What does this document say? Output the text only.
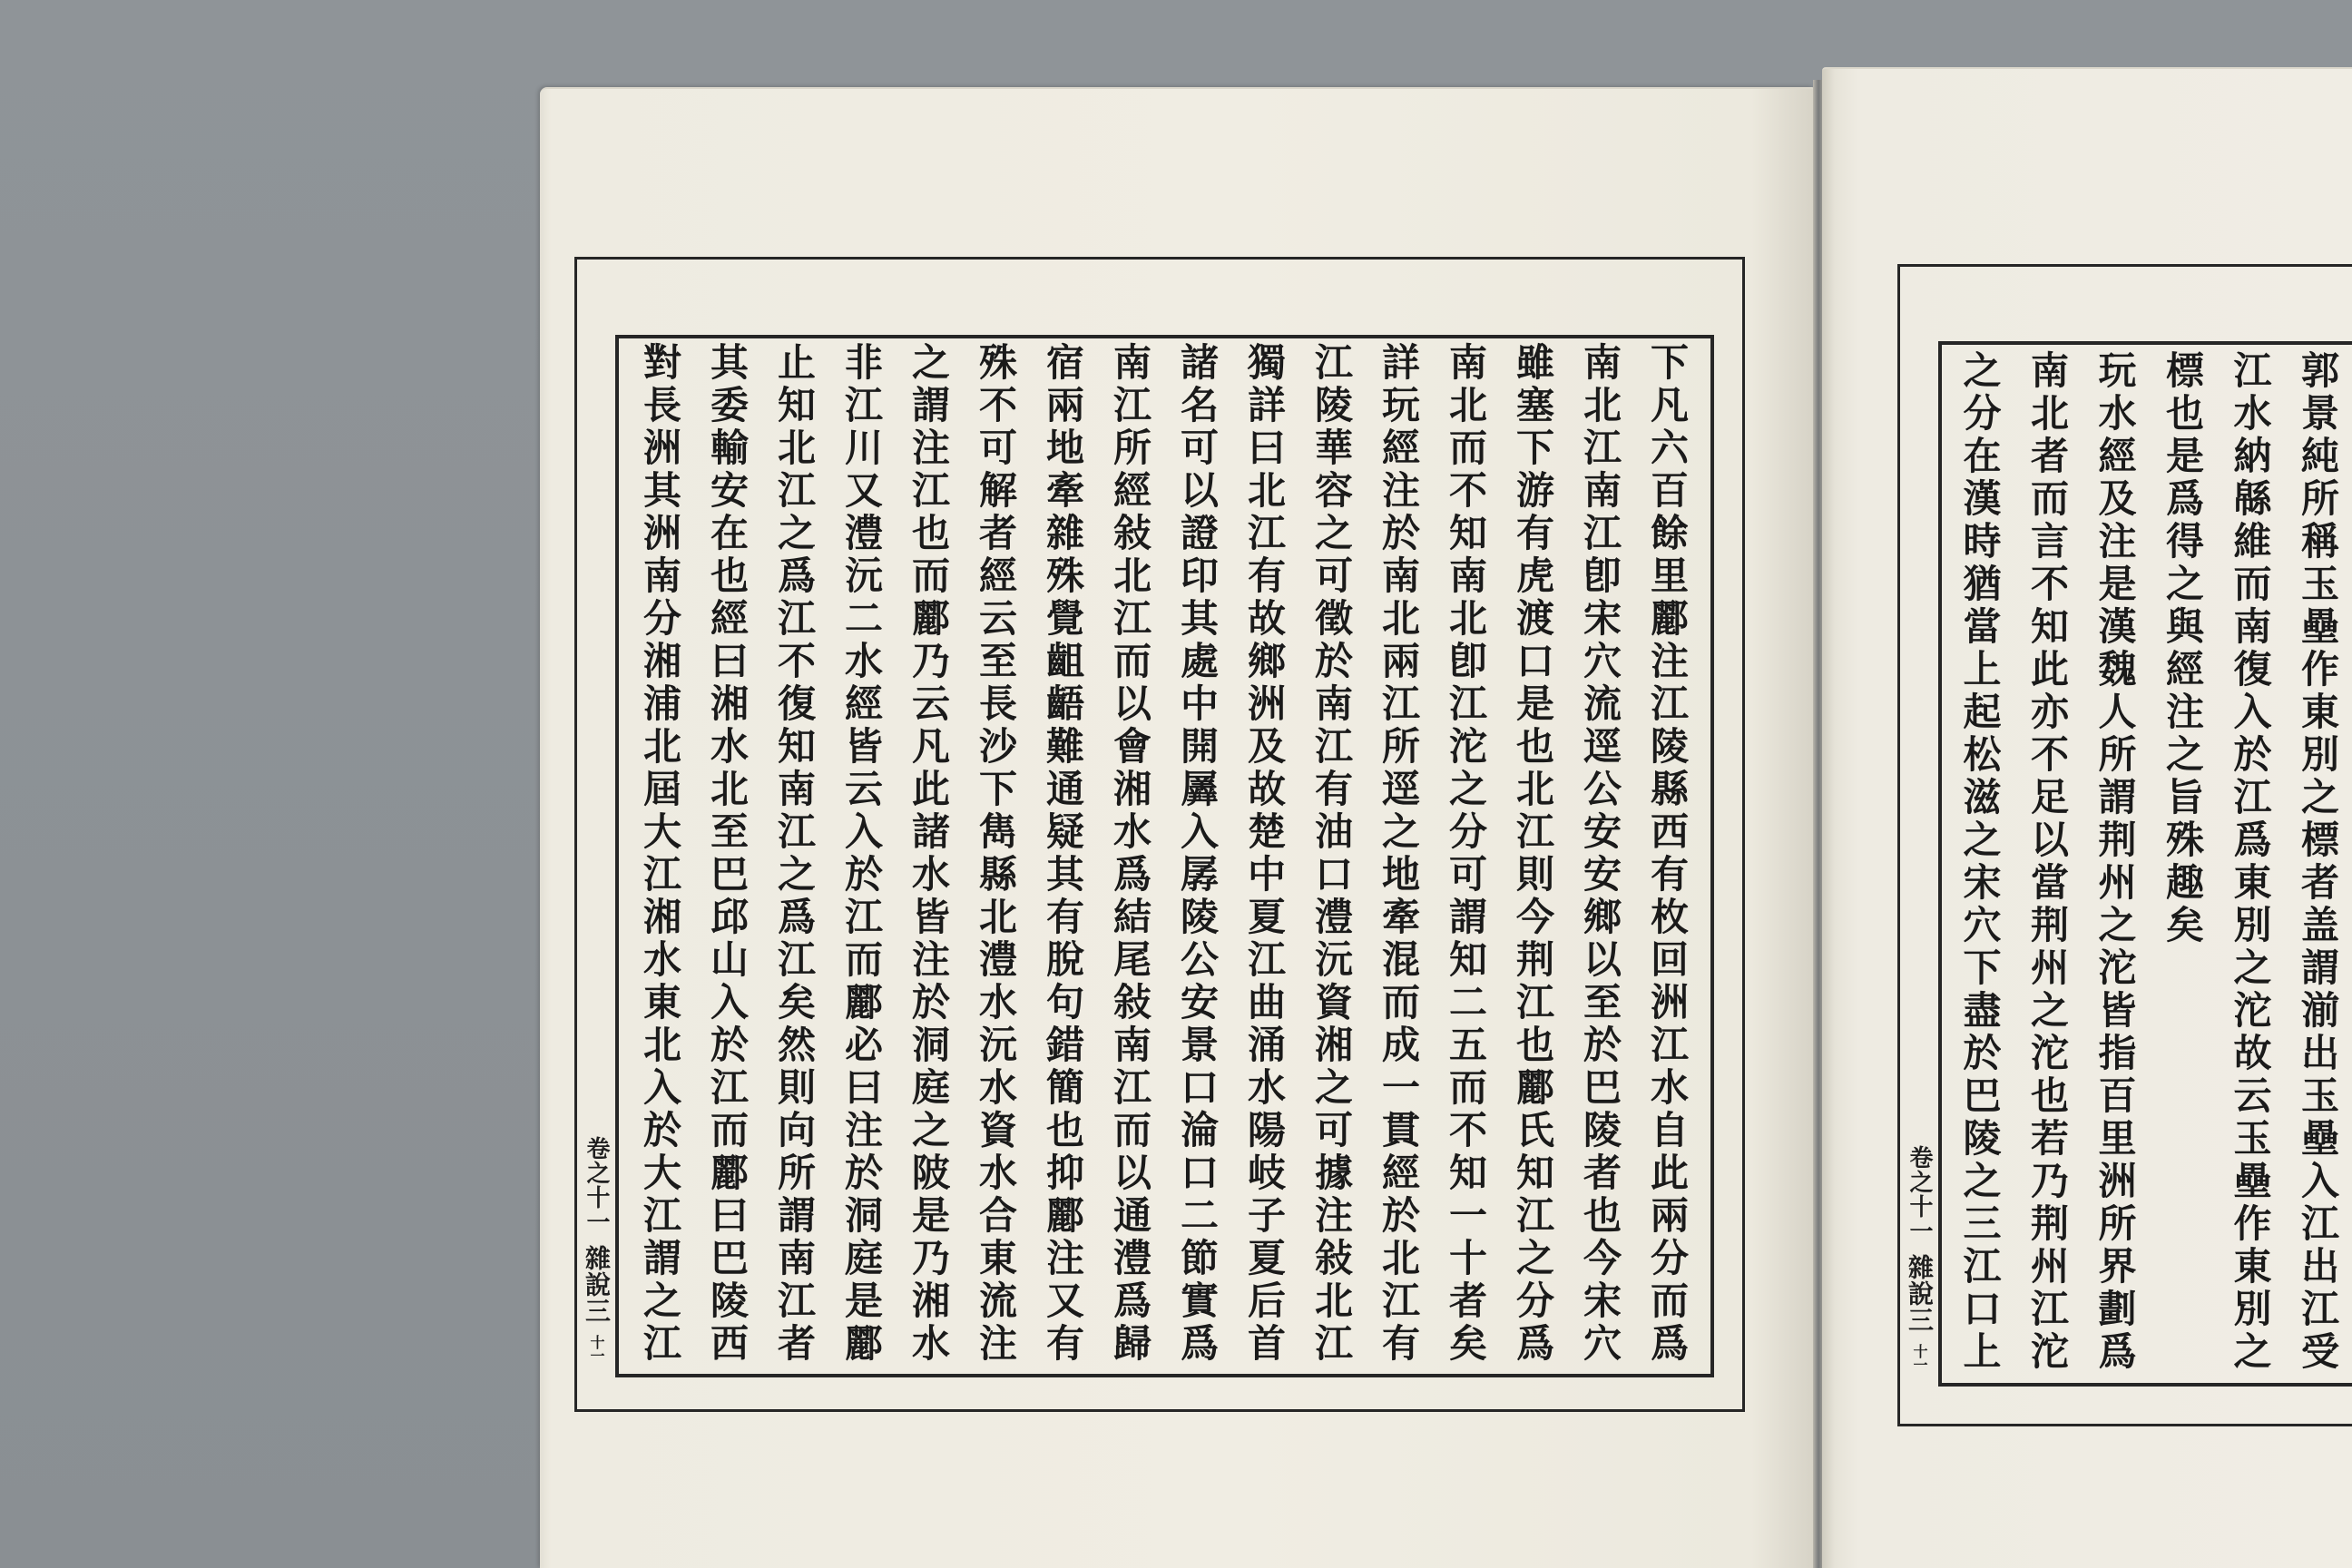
卷之十一
雜說三
十一	下凡六百餘里酈注江陵縣西有枚回洲江水自此兩分而爲
南北江南江卽宋穴流逕公安安鄉以至於巴陵者也今宋穴
雖塞下游有虎渡口是也北江則今荆江也酈氏知江之分爲
南北而不知南北卽江沱之分可謂知二五而不知一十者矣
詳玩經注於南北兩江所逕之地牽混而成一貫經於北江有
江陵華容之可徵於南江有油口澧沅資湘之可據注敍北江
獨詳曰北江有故鄉洲及故楚中夏江曲涌水陽岐子夏后首
諸名可以證印其處中開羼入孱陵公安景口淪口二節實爲
南江所經敍北江而以會湘水爲結尾敍南江而以通澧爲歸
宿兩地牽雜殊覺齟齬難通疑其有脫句錯簡也抑酈注又有
殊不可解者經云至長沙下雋縣北澧水沅水資水合東流注
之謂注江也而酈乃云凡此諸水皆注於洞庭之陂是乃湘水
非江川又澧沅二水經皆云入於江而酈必曰注於洞庭是酈
止知北江之爲江不復知南江之爲江矣然則向所謂南江者
其委輸安在也經曰湘水北至巴邱山入於江而酈曰巴陵西
對長洲其洲南分湘浦北屆大江湘水東北入於大江謂之江	卷之十一
雜說三
十一	郭景純所稱玉壘作東別之標者盖謂湔出玉壘入江出江受
江水納緜維而南復入於江爲東別之沱故云玉壘作東別之
標也是爲得之與經注之旨殊趣矣
玩水經及注是漢魏人所謂荆州之沱皆指百里洲所界劃爲
南北者而言不知此亦不足以當荆州之沱也若乃荆州江沱
之分在漢時猶當上起松滋之宋穴下盡於巴陵之三江口上
